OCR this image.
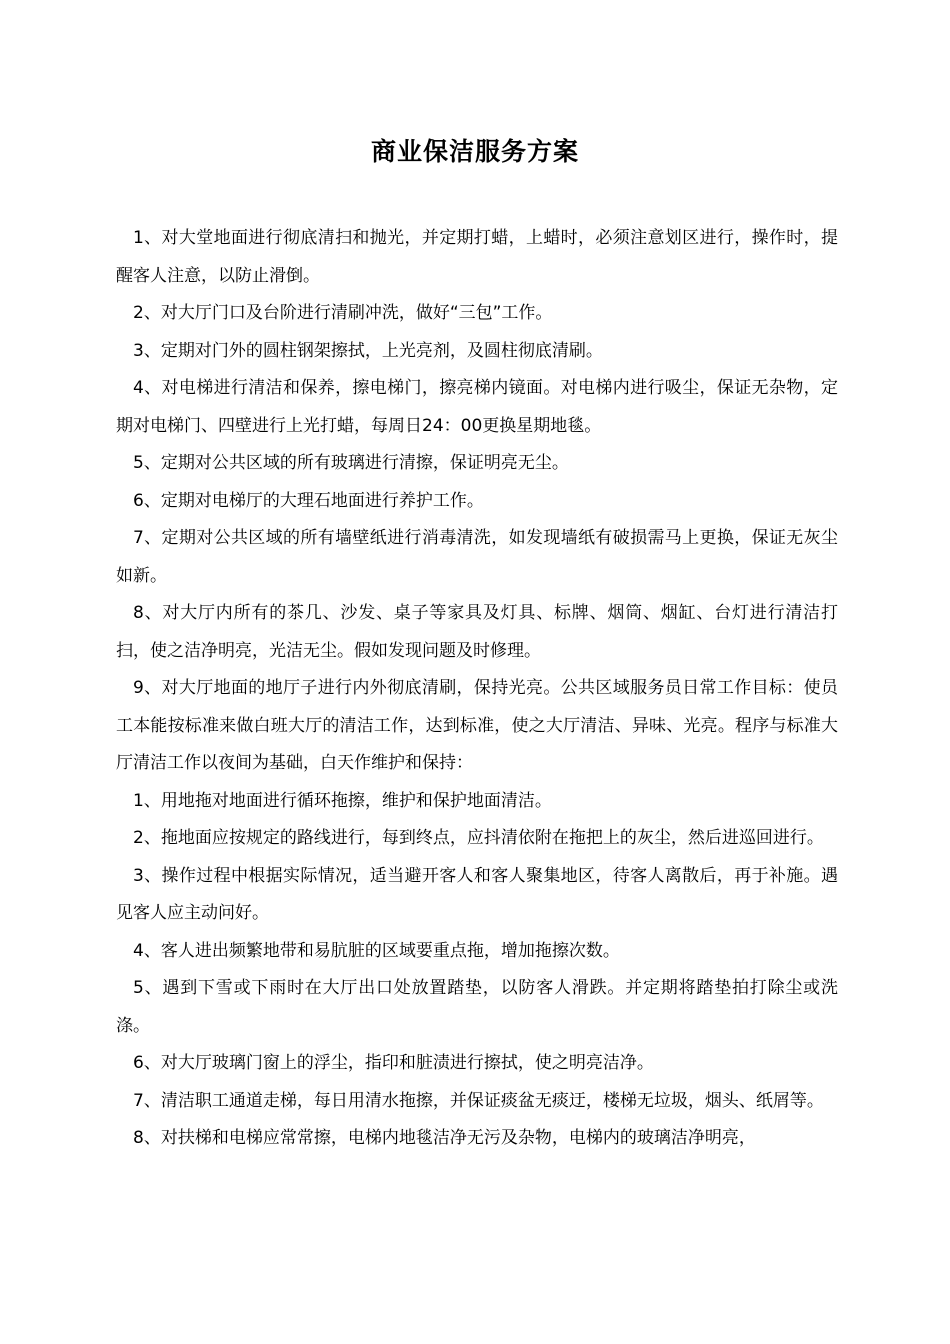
商业保洁服务方案

1、对大堂地面进行彻底清扫和抛光，并定期打蜡，上蜡时，必须注意划区进行，操作时，提醒客人注意，以防止滑倒。

2、对大厅门口及台阶进行清刷冲洗，做好“三包”工作。

3、定期对门外的圆柱钢架擦拭，上光亮剂，及圆柱彻底清刷。

4、对电梯进行清洁和保养，擦电梯门，擦亮梯内镜面。对电梯内进行吸尘，保证无杂物，定期对电梯门、四壁进行上光打蜡，每周日24：00更换星期地毯。

5、定期对公共区域的所有玻璃进行清擦，保证明亮无尘。

6、定期对电梯厅的大理石地面进行养护工作。

7、定期对公共区域的所有墙壁纸进行消毒清洗，如发现墙纸有破损需马上更换，保证无灰尘如新。

8、对大厅内所有的茶几、沙发、桌子等家具及灯具、标牌、烟筒、烟缸、台灯进行清洁打扫，使之洁净明亮，光洁无尘。假如发现问题及时修理。

9、对大厅地面的地厅子进行内外彻底清刷，保持光亮。公共区域服务员日常工作目标：使员工本能按标准来做白班大厅的清洁工作，达到标准，使之大厅清洁、异味、光亮。程序与标准大厅清洁工作以夜间为基础，白天作维护和保持：

1、用地拖对地面进行循环拖擦，维护和保护地面清洁。

2、拖地面应按规定的路线进行，每到终点，应抖清依附在拖把上的灰尘，然后进巡回进行。

3、操作过程中根据实际情况，适当避开客人和客人聚集地区，待客人离散后，再于补施。遇见客人应主动问好。

4、客人进出频繁地带和易肮脏的区域要重点拖，增加拖擦次数。

5、遇到下雪或下雨时在大厅出口处放置踏垫，以防客人滑跌。并定期将踏垫拍打除尘或洗涤。

6、对大厅玻璃门窗上的浮尘，指印和脏渍进行擦拭，使之明亮洁净。

7、清洁职工通道走梯，每日用清水拖擦，并保证痰盆无痰迂，楼梯无垃圾，烟头、纸屑等。

8、对扶梯和电梯应常常擦，电梯内地毯洁净无污及杂物，电梯内的玻璃洁净明亮，
